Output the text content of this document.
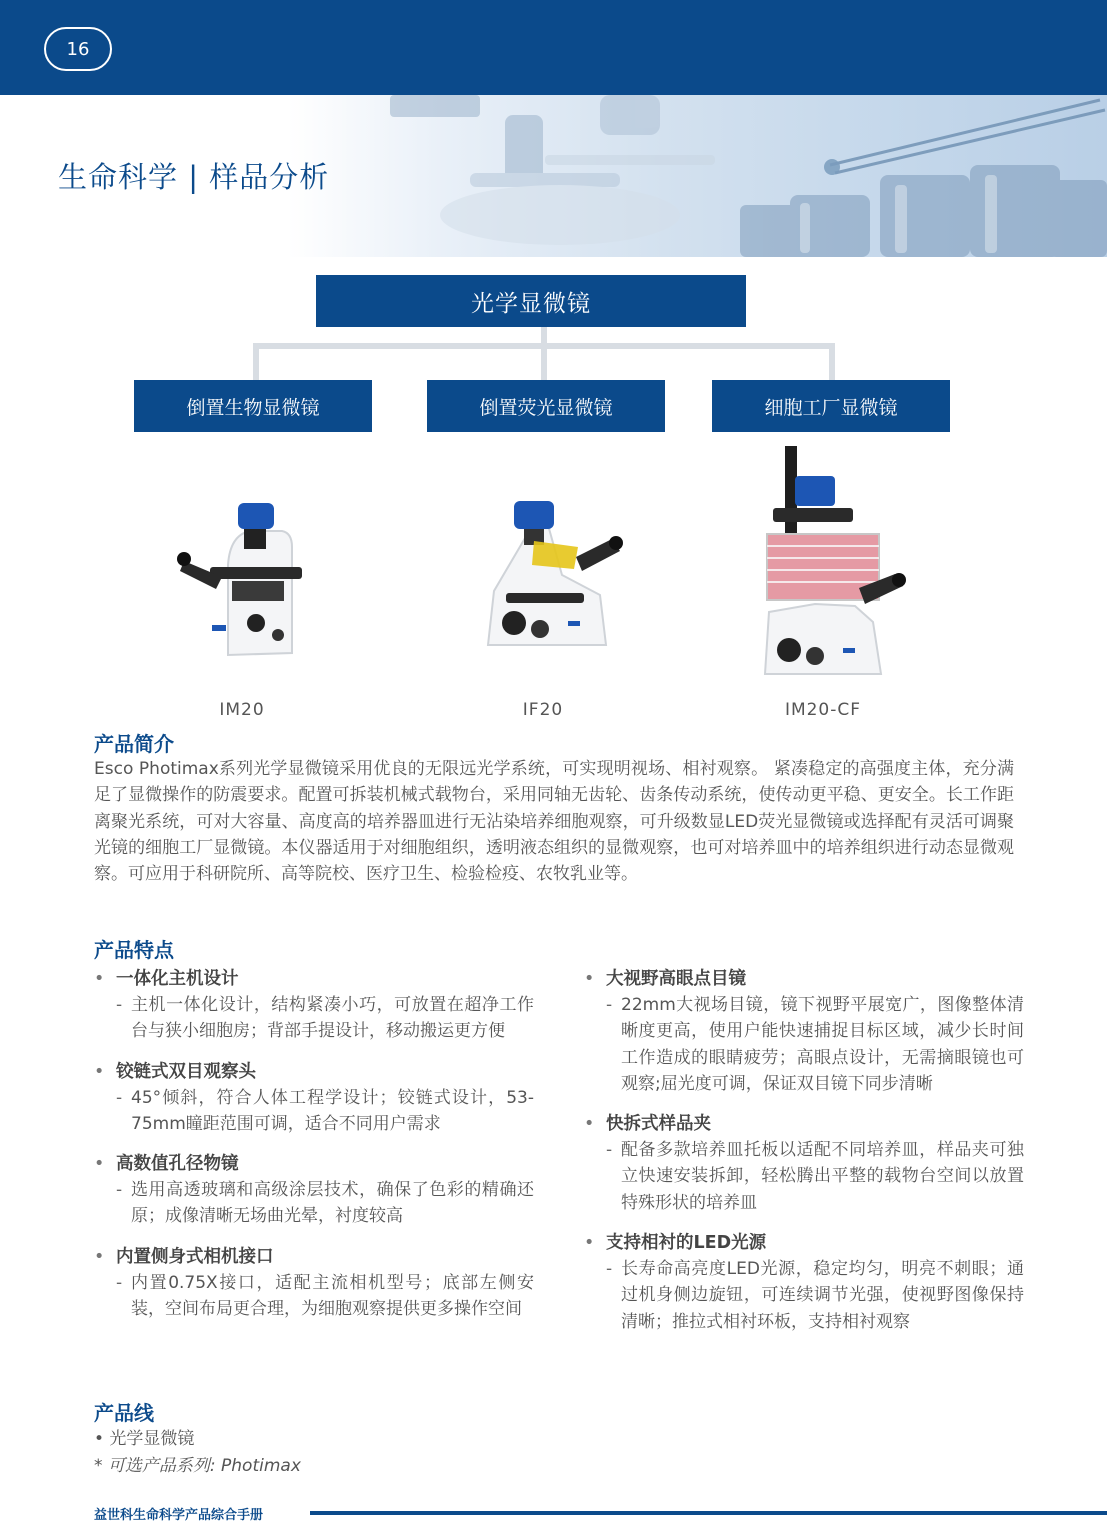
16
生命科学 | 样品分析
光学显微镜
倒置生物显微镜	倒置荧光显微镜	细胞工厂显微镜
IM20	IF20	IM20-CF
产品简介
Esco Photimax系列光学显微镜采用优良的无限远光学系统，可实现明视场、相衬观察。 紧凑稳定的高强度主体，充分满足了显微操作的防震要求。配置可拆装机械式载物台，采用同轴无齿轮、齿条传动系统，使传动更平稳、更安全。长工作距离聚光系统，可对大容量、高度高的培养器皿进行无沾染培养细胞观察，可升级数显LED荧光显微镜或选择配有灵活可调聚光镜的细胞工厂显微镜。本仪器适用于对细胞组织，透明液态组织的显微观察，也可对培养皿中的培养组织进行动态显微观察。可应用于科研院所、高等院校、医疗卫生、检验检疫、农牧乳业等。
产品特点
• 一体化主机设计
- 主机一体化设计，结构紧凑小巧，可放置在超净工作台与狭小细胞房；背部手提设计，移动搬运更方便
• 铰链式双目观察头
- 45°倾斜，符合人体工程学设计；铰链式设计，53-75mm瞳距范围可调，适合不同用户需求
• 高数值孔径物镜
- 选用高透玻璃和高级涂层技术，确保了色彩的精确还原；成像清晰无场曲光晕，衬度较高
• 内置侧身式相机接口
- 内置0.75X接口，适配主流相机型号；底部左侧安装，空间布局更合理，为细胞观察提供更多操作空间
• 大视野高眼点目镜
- 22mm大视场目镜，镜下视野平展宽广，图像整体清晰度更高，使用户能快速捕捉目标区域，减少长时间工作造成的眼睛疲劳；高眼点设计，无需摘眼镜也可观察;屈光度可调，保证双目镜下同步清晰
• 快拆式样品夹
- 配备多款培养皿托板以适配不同培养皿，样品夹可独立快速安装拆卸，轻松腾出平整的载物台空间以放置特殊形状的培养皿
• 支持相衬的LED光源
- 长寿命高亮度LED光源，稳定均匀，明亮不刺眼；通过机身侧边旋钮，可连续调节光强，使视野图像保持清晰；推拉式相衬环板，支持相衬观察
产品线
• 光学显微镜
* 可选产品系列: Photimax
益世科生命科学产品综合手册
